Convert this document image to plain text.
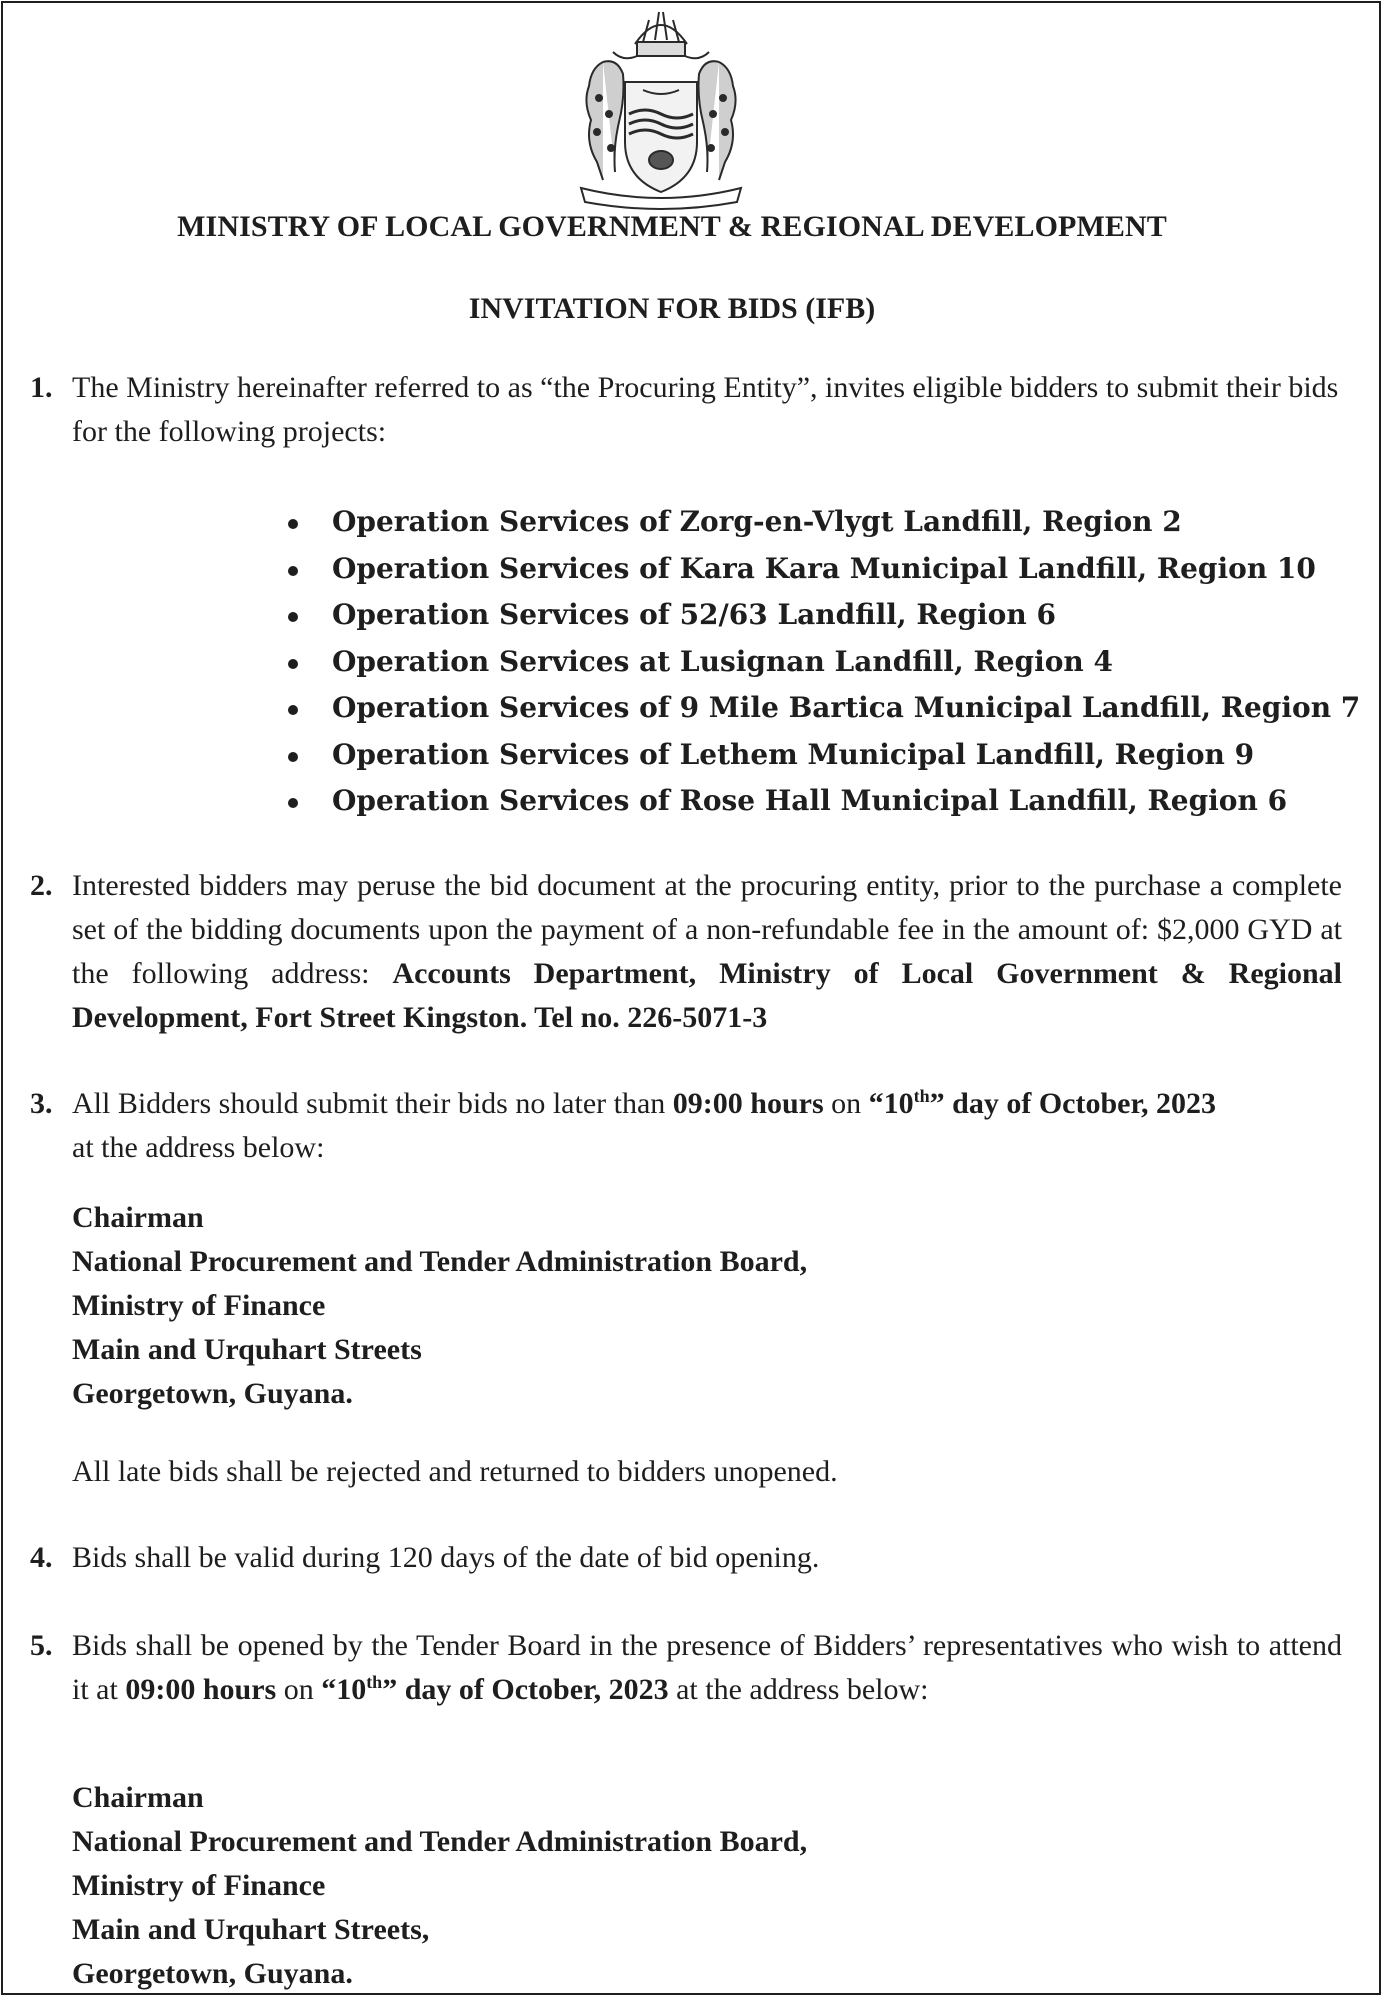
MINISTRY OF LOCAL GOVERNMENT & REGIONAL DEVELOPMENT
INVITATION FOR BIDS (IFB)
1. The Ministry hereinafter referred to as “the Procuring Entity”, invites eligible bidders to submit their bids for the following projects:
Operation Services of Zorg-en-Vlygt Landfill, Region 2
Operation Services of Kara Kara Municipal Landfill, Region 10
Operation Services of 52/63 Landfill, Region 6
Operation Services at Lusignan Landfill, Region 4
Operation Services of 9 Mile Bartica Municipal Landfill, Region 7
Operation Services of Lethem Municipal Landfill, Region 9
Operation Services of Rose Hall Municipal Landfill, Region 6
2. Interested bidders may peruse the bid document at the procuring entity, prior to the purchase a complete set of the bidding documents upon the payment of a non-refundable fee in the amount of: $2,000 GYD at the following address: Accounts Department, Ministry of Local Government & Regional Development, Fort Street Kingston. Tel no. 226-5071-3
3. All Bidders should submit their bids no later than 09:00 hours on “10th” day of October, 2023
at the address below:
Chairman
National Procurement and Tender Administration Board,
Ministry of Finance
Main and Urquhart Streets
Georgetown, Guyana.
All late bids shall be rejected and returned to bidders unopened.
4. Bids shall be valid during 120 days of the date of bid opening.
5. Bids shall be opened by the Tender Board in the presence of Bidders’ representatives who wish to attend it at 09:00 hours on “10th” day of October, 2023 at the address below:
Chairman
National Procurement and Tender Administration Board,
Ministry of Finance
Main and Urquhart Streets,
Georgetown, Guyana.
